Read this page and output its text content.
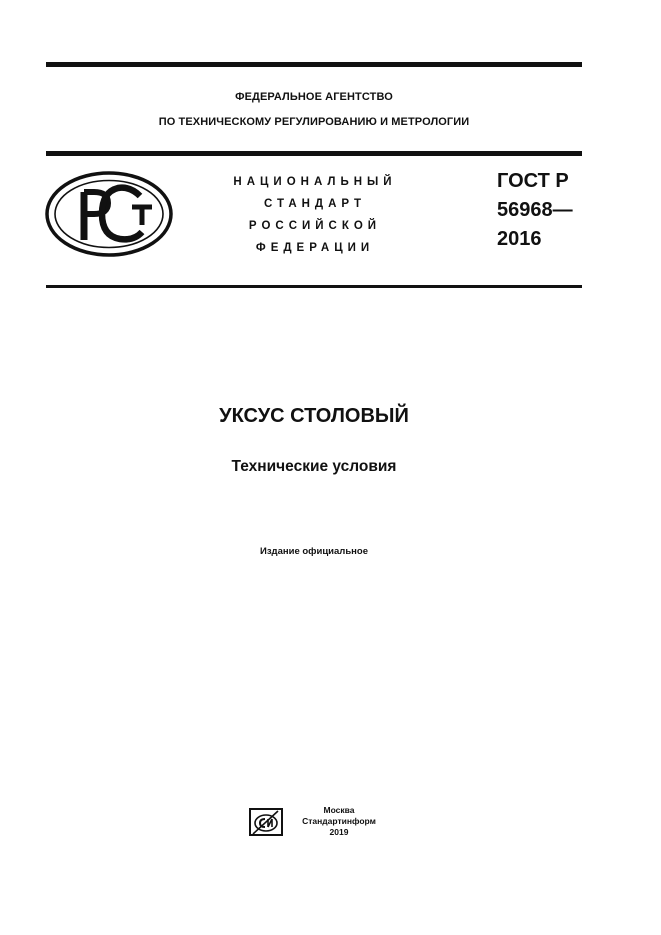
ФЕДЕРАЛЬНОЕ АГЕНТСТВО
ПО ТЕХНИЧЕСКОМУ РЕГУЛИРОВАНИЮ И МЕТРОЛОГИИ
НАЦИОНАЛЬНЫЙ
СТАНДАРТ
РОССИЙСКОЙ
ФЕДЕРАЦИИ
ГОСТ Р
56968—
2016
УКСУС СТОЛОВЫЙ
Технические условия
Издание официальное
Москва
Стандартинформ
2019
